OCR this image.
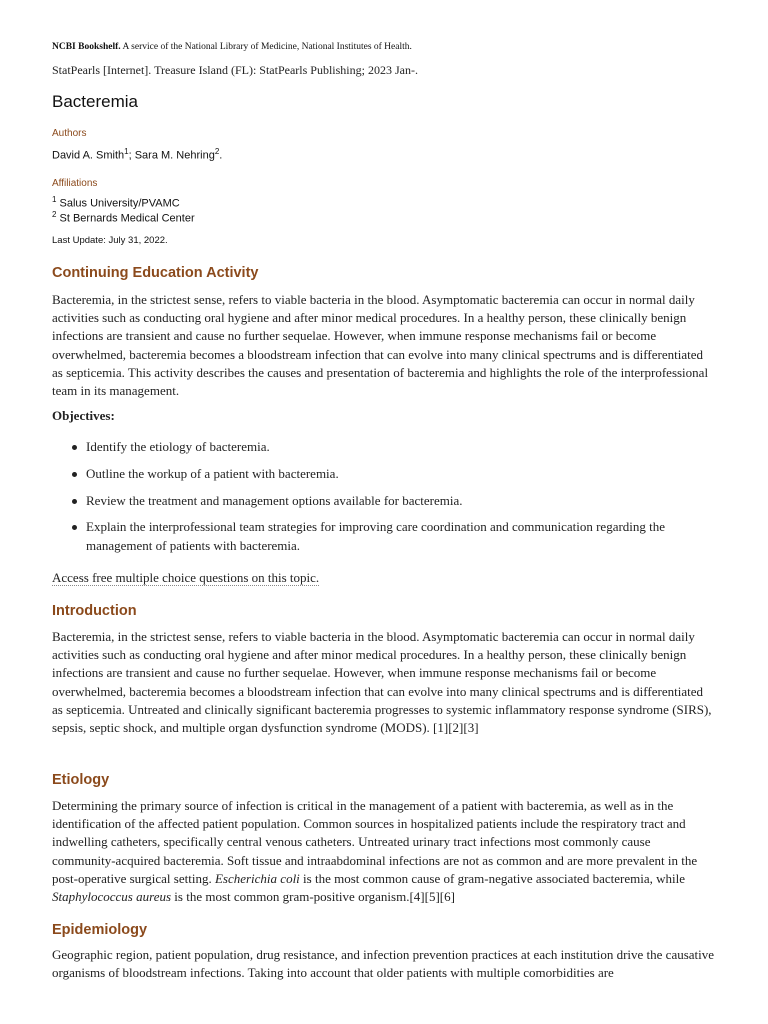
NCBI Bookshelf. A service of the National Library of Medicine, National Institutes of Health.
StatPearls [Internet]. Treasure Island (FL): StatPearls Publishing; 2023 Jan-.
Bacteremia
Authors
David A. Smith$^1$; Sara M. Nehring$^2$.
Affiliations
$^1$ Salus University/PVAMC
$^2$ St Bernards Medical Center
Last Update: July 31, 2022.
Continuing Education Activity

Bacteremia, in the strictest sense, refers to viable bacteria in the blood. Asymptomatic bacteremia can occur in normal daily activities such as conducting oral hygiene and after minor medical procedures. In a healthy person, these clinically benign infections are transient and cause no further sequelae. However, when immune response mechanisms fail or become overwhelmed, bacteremia becomes a bloodstream infection that can evolve into many clinical spectrums and is differentiated as septicemia. This activity describes the causes and presentation of bacteremia and highlights the role of the interprofessional team in its management.

Objectives:
Identify the etiology of bacteremia.
Outline the workup of a patient with bacteremia.
Review the treatment and management options available for bacteremia.
Explain the interprofessional team strategies for improving care coordination and communication regarding the management of patients with bacteremia.
Access free multiple choice questions on this topic.
Introduction

Bacteremia, in the strictest sense, refers to viable bacteria in the blood. Asymptomatic bacteremia can occur in normal daily activities such as conducting oral hygiene and after minor medical procedures. In a healthy person, these clinically benign infections are transient and cause no further sequelae. However, when immune response mechanisms fail or become overwhelmed, bacteremia becomes a bloodstream infection that can evolve into many clinical spectrums and is differentiated as septicemia. Untreated and clinically significant bacteremia progresses to systemic inflammatory response syndrome (SIRS), sepsis, septic shock, and multiple organ dysfunction syndrome (MODS). [1][2][3]

Etiology

Determining the primary source of infection is critical in the management of a patient with bacteremia, as well as in the identification of the affected patient population. Common sources in hospitalized patients include the respiratory tract and indwelling catheters, specifically central venous catheters. Untreated urinary tract infections most commonly cause community-acquired bacteremia. Soft tissue and intraabdominal infections are not as common and are more prevalent in the post-operative surgical setting. Escherichia coli is the most common cause of gram-negative associated bacteremia, while Staphylococcus aureus is the most common gram-positive organism.[4][5][6]

Epidemiology

Geographic region, patient population, drug resistance, and infection prevention practices at each institution drive the causative organisms of bloodstream infections. Taking into account that older patients with multiple comorbidities are
